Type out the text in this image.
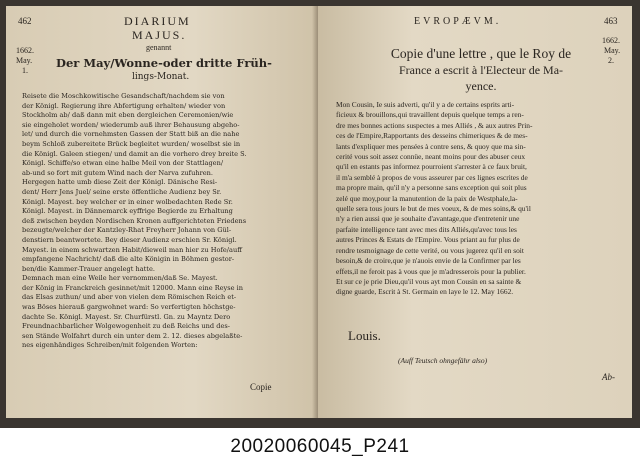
462	DIARIUM
MAJUS.
1662.
May.
1.
genannt
Der May/Wonne-oder dritte Früh-
lings-Monat.

Reisete die Moschkowitische Gesandschaft/nachdem sie von

der Königl. Regierung ihre Abfertigung erhalten/ wieder von

Stockholm ab/ daß dann mit eben dergleichen Ceremonien/wie

sie eingeholet worden/ wiederumb auß ihrer Behausung abgeho-

let/ und durch die vornehmsten Gassen der Statt biß an die nahe

beym Schloß zubereitete Brück begleitet wurden/ woselbst sie in

die Königl. Galeen stiegen/ und damit an die vorhero drey breite S.

Königl. Schiffe/so etwan eine halbe Meil von der Stattlagen/

ab-und so fort mit gutem Wind nach der Narva zufuhren.

Hergegen hatte umb diese Zeit der Königl. Dänische Resi-

dent/ Herr Jens Juel/ seine erste öffentliche Audienz bey Sr.

Königl. Mayest. bey welcher er in einer wolbedachten Rede Sr.

Königl. Mayest. in Dännemarck eyffrige Begierde zu Erhaltung

deß zwischen beyden Nordischen Kronen auffgerichteten Friedens

bezeugte/welcher der Kantzley-Rhat Freyherr Johann von Gül-

denstiern beantwortete. Bey dieser Audienz erschien Sr. Königl.

Mayest. in einem schwartzen Habit/dieweil man hier zu Hofe/auff

empfangene Nachricht/ daß die alte Königin in Böhmen gestor-

ben/die Kammer-Trauer angelegt hatte.

Demnach man eine Weile her vernommen/daß Se. Mayest.

der König in Franckreich gesinnet/mit 12000. Mann eine Reyse in

das Elsas zuthun/ und aber von vielen dem Römischen Reich et-

was Böses hierauß gargwohnet ward: So verfertigten höchstge-

dachte Se. Königl. Mayest. Sr. Churfürstl. Gn. zu Mayntz Dero

Freundnachbarlicher Wolgewogenheit zu deß Reichs und des-

sen Stände Wolfahrt durch ein unter dem 2. 12. dieses abgelaßte-

nes eigenhändiges Schreiben/mit folgenden Worten:

Copie
EVROPÆVM.	463
1662.
May.
2.
Copie d'une lettre , que le Roy de
France a escrit à l'Electeur de Ma-
yence.

Mon Cousin, Ie suis adverti, qu'il y a de certains esprits arti-

ficieux & brouillons,qui travaillent depuis quelque temps a ren-

dre mes bonnes actions suspectes a mes Alliés , & aux autres Prin-

ces de l'Empire,Rapportants des desseins chimeriques & de mes-

lants d'expliquer mes pensées à contre sens, & quoy que ma sin-

cerité vous soit assez connüe, neant moins pour des abuser ceux

qu'il en estants pas informez pourroient s'arrester à ce faux bruit,

il m'a semblé à propos de vous asseurer par ces lignes escrites de

ma propre main, qu'il n'y a personne sans exception qui soit plus

zelé que moy,pour la manutention de la paix de Westphale,la-

quelle sera tous jours le but de mes voeux, & de mes soins,& qu'il

n'y a rien aussi que je souhaite d'avantage,que d'entretenir une

parfaite intelligence tant avec mes dits Alliés,qu'avec tous les

autres Princes & Estats de l'Empire. Vous priant au fur plus de

rendre tesmoignage de cette verité, ou vous jugerez qu'il en soit

besoin,& de croire,que je n'auois envie de la Confirmer par les

effets,il ne feroit pas à vous que je m'adresserois pour la publier.

Et sur ce je prie Dieu,qu'il vous ayt mon Cousin en sa sainte &

digne guarde, Escrit à St. Germain en laye le 12. May 1662.

Louis.
(Auff Teutsch ohngefähr also)
Ab-
20020060045_P241
